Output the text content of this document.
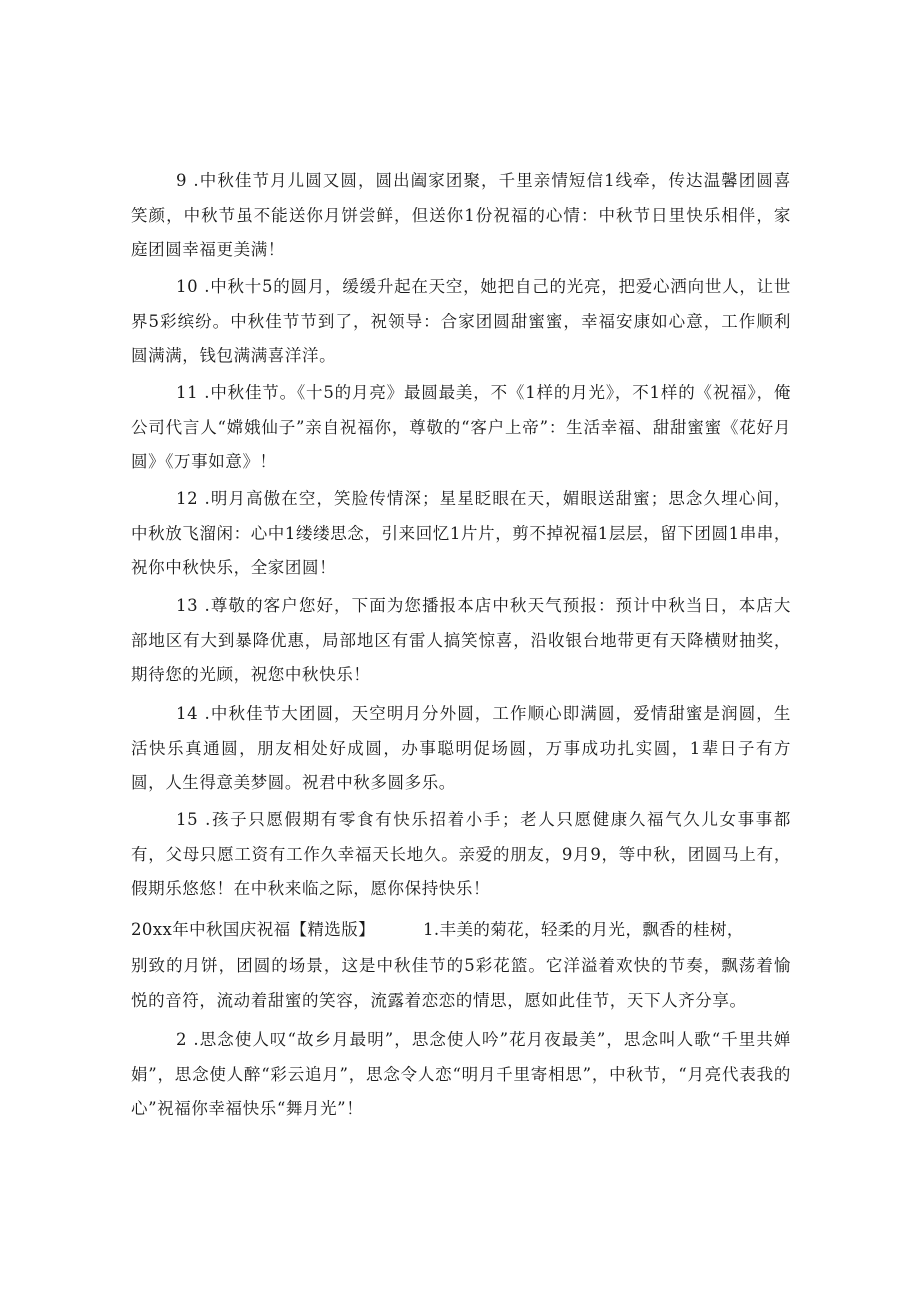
9 .中秋佳节月儿圆又圆，圆出阖家团聚，千里亲情短信1线牵，传达温馨团圆喜笑颜，中秋节虽不能送你月饼尝鲜，但送你1份祝福的心情：中秋节日里快乐相伴，家庭团圆幸福更美满！

10 .中秋十5的圆月，缓缓升起在天空，她把自己的光亮，把爱心洒向世人，让世界5彩缤纷。中秋佳节节到了，祝领导：合家团圆甜蜜蜜，幸福安康如心意，工作顺利圆满满，钱包满满喜洋洋。

11 .中秋佳节。《十5的月亮》最圆最美，不《1样的月光》，不1样的《祝福》，俺公司代言人“嫦娥仙子”亲自祝福你，尊敬的“客户上帝”：生活幸福、甜甜蜜蜜《花好月圆》《万事如意》！

12 .明月高傲在空，笑脸传情深；星星眨眼在天，媚眼送甜蜜；思念久埋心间，中秋放飞溜闲：心中1缕缕思念，引来回忆1片片，剪不掉祝福1层层，留下团圆1串串，祝你中秋快乐，全家团圆！

13 .尊敬的客户您好，下面为您播报本店中秋天气预报：预计中秋当日，本店大部地区有大到暴降优惠，局部地区有雷人搞笑惊喜，沿收银台地带更有天降横财抽奖，期待您的光顾，祝您中秋快乐！

14 .中秋佳节大团圆，天空明月分外圆，工作顺心即满圆，爱情甜蜜是润圆，生活快乐真通圆，朋友相处好成圆，办事聪明促场圆，万事成功扎实圆，1辈日子有方圆，人生得意美梦圆。祝君中秋多圆多乐。

15 .孩子只愿假期有零食有快乐招着小手；老人只愿健康久福气久儿女事事都有，父母只愿工资有工作久幸福天长地久。亲爱的朋友，9月9，等中秋，团圆马上有，假期乐悠悠！在中秋来临之际，愿你保持快乐！

20xx年中秋国庆祝福【精选版】	1.丰美的菊花，轻柔的月光，飘香的桂树，

别致的月饼，团圆的场景，这是中秋佳节的5彩花篮。它洋溢着欢快的节奏，飘荡着愉悦的音符，流动着甜蜜的笑容，流露着恋恋的情思，愿如此佳节，天下人齐分享。

2 .思念使人叹“故乡月最明”，思念使人吟”花月夜最美”，思念叫人歌“千里共婵娟”，思念使人醉“彩云追月”，思念令人恋“明月千里寄相思”，中秋节，“月亮代表我的心”祝福你幸福快乐“舞月光”！
